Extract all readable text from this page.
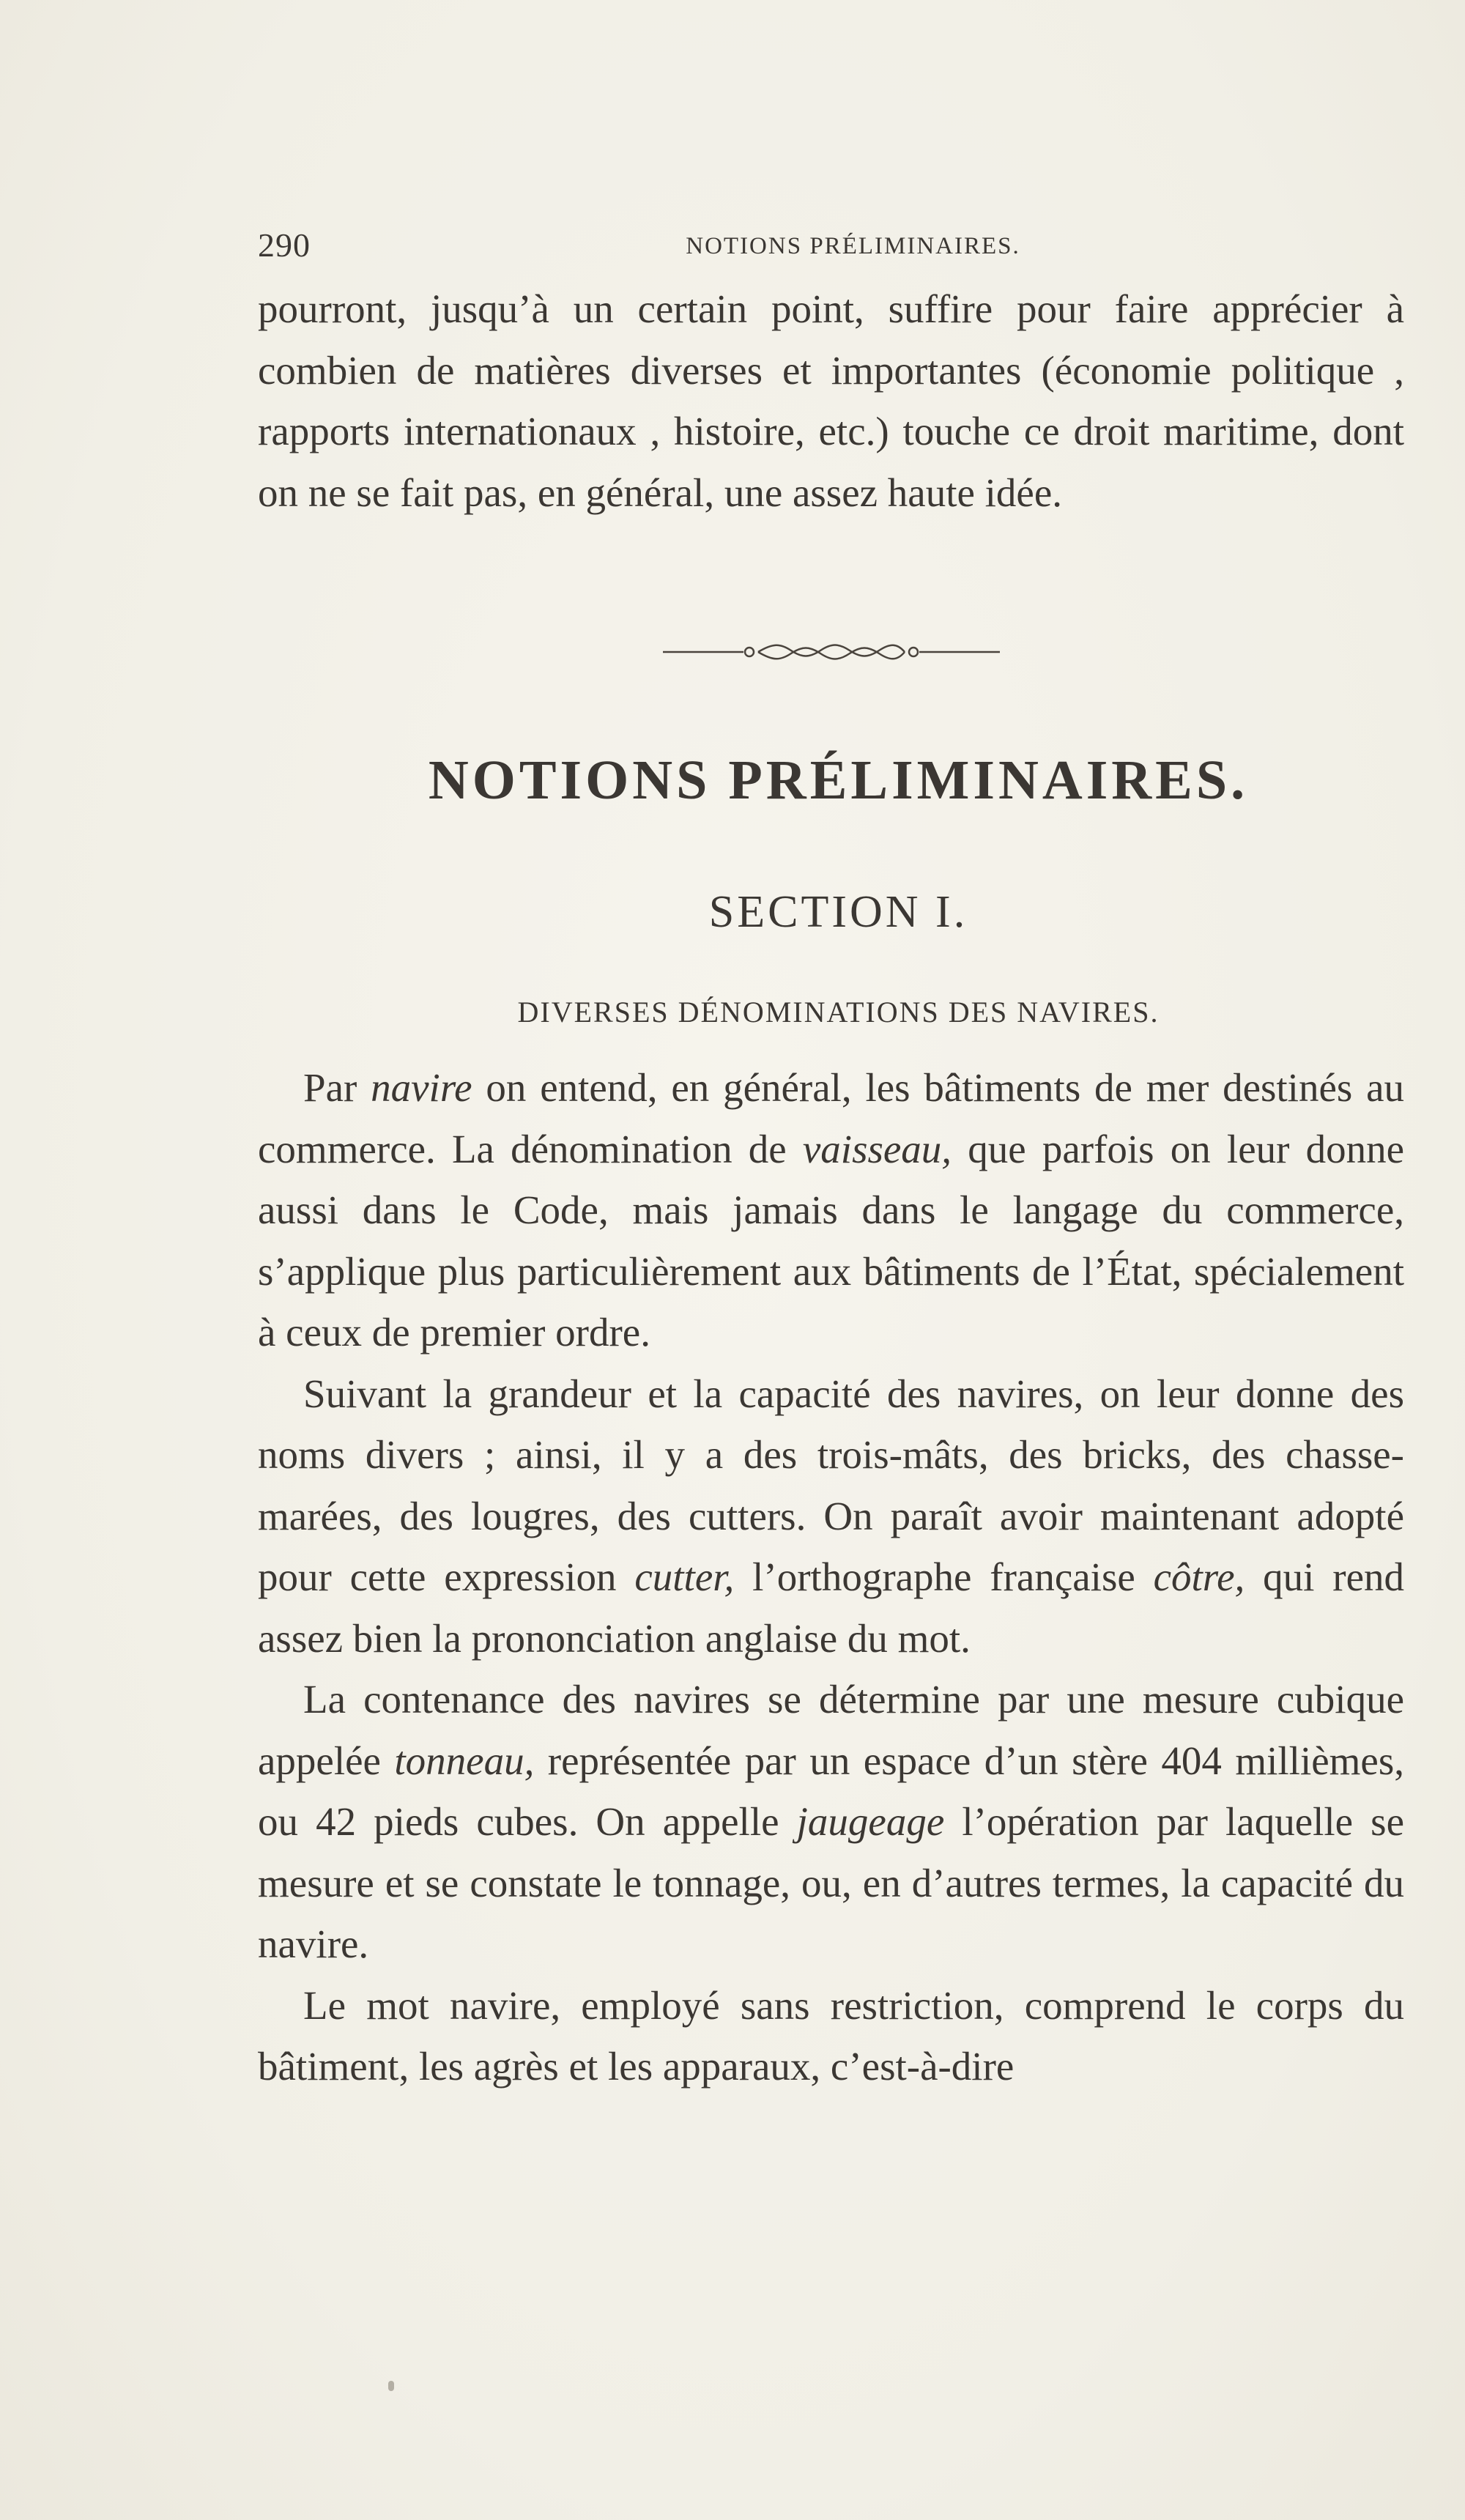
290	NOTIONS PRÉLIMINAIRES.

pourront, jusqu’à un certain point, suffire pour faire apprécier à combien de matières diverses et importantes (économie politique , rapports internationaux , histoire, etc.) touche ce droit maritime, dont on ne se fait pas, en général, une assez haute idée.

NOTIONS PRÉLIMINAIRES.
SECTION I.
DIVERSES DÉNOMINATIONS DES NAVIRES.

Par navire on entend, en général, les bâtiments de mer destinés au commerce. La dénomination de vaisseau, que parfois on leur donne aussi dans le Code, mais jamais dans le langage du commerce, s’applique plus particulièrement aux bâtiments de l’État, spécialement à ceux de premier ordre.

Suivant la grandeur et la capacité des navires, on leur donne des noms divers ; ainsi, il y a des trois-mâts, des bricks, des chasse-marées, des lougres, des cutters. On paraît avoir maintenant adopté pour cette expression cutter, l’orthographe française côtre, qui rend assez bien la prononciation anglaise du mot.

La contenance des navires se détermine par une mesure cubique appelée tonneau, représentée par un espace d’un stère 404 millièmes, ou 42 pieds cubes. On appelle jaugeage l’opération par laquelle se mesure et se constate le tonnage, ou, en d’autres termes, la capacité du navire.

Le mot navire, employé sans restriction, comprend le corps du bâtiment, les agrès et les apparaux, c’est-à-dire
